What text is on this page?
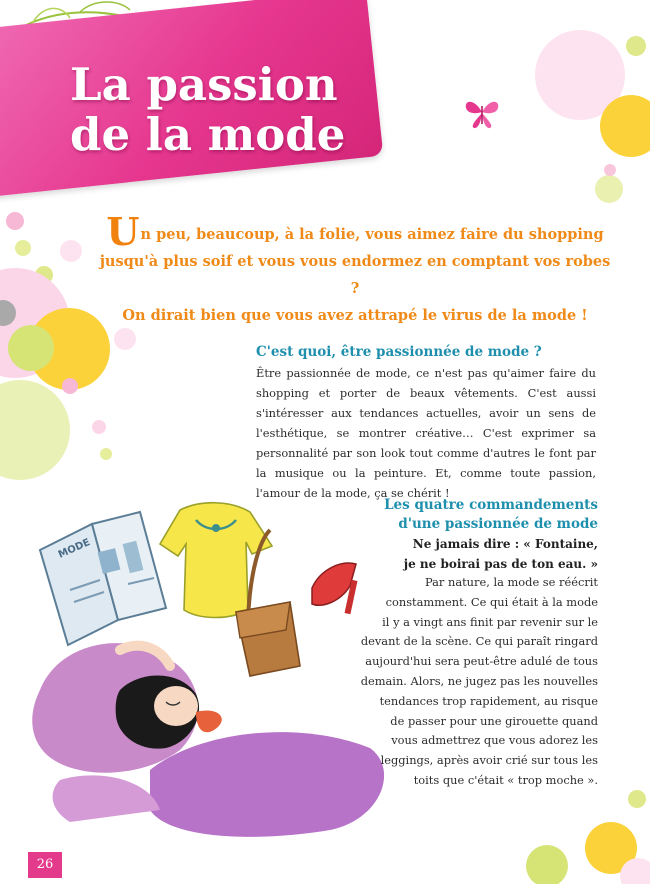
La passion
de la mode
Un peu, beaucoup, à la folie, vous aimez faire du shopping
jusqu'à plus soif et vous vous endormez en comptant vos robes ?
On dirait bien que vous avez attrapé le virus de la mode !
C'est quoi, être passionnée de mode ?

Être passionnée de mode, ce n'est pas qu'aimer faire du shopping et porter de beaux vêtements. C'est aussi s'intéresser aux tendances actuelles, avoir un sens de l'esthétique, se montrer créative… C'est exprimer sa personnalité par son look tout comme d'autres le font par la musique ou la peinture. Et, comme toute passion, l'amour de la mode, ça se chérit !

MODE
Les quatre commandements
d'une passionnée de mode
Ne jamais dire : « Fontaine,
je ne boirai pas de ton eau. »
Par nature, la mode se réécrit
constamment. Ce qui était à la mode
il y a vingt ans finit par revenir sur le
devant de la scène. Ce qui paraît ringard
aujourd'hui sera peut-être adulé de tous
demain. Alors, ne jugez pas les nouvelles
tendances trop rapidement, au risque
de passer pour une girouette quand
vous admettrez que vous adorez les
leggings, après avoir crié sur tous les
toits que c'était « trop moche ».
26
